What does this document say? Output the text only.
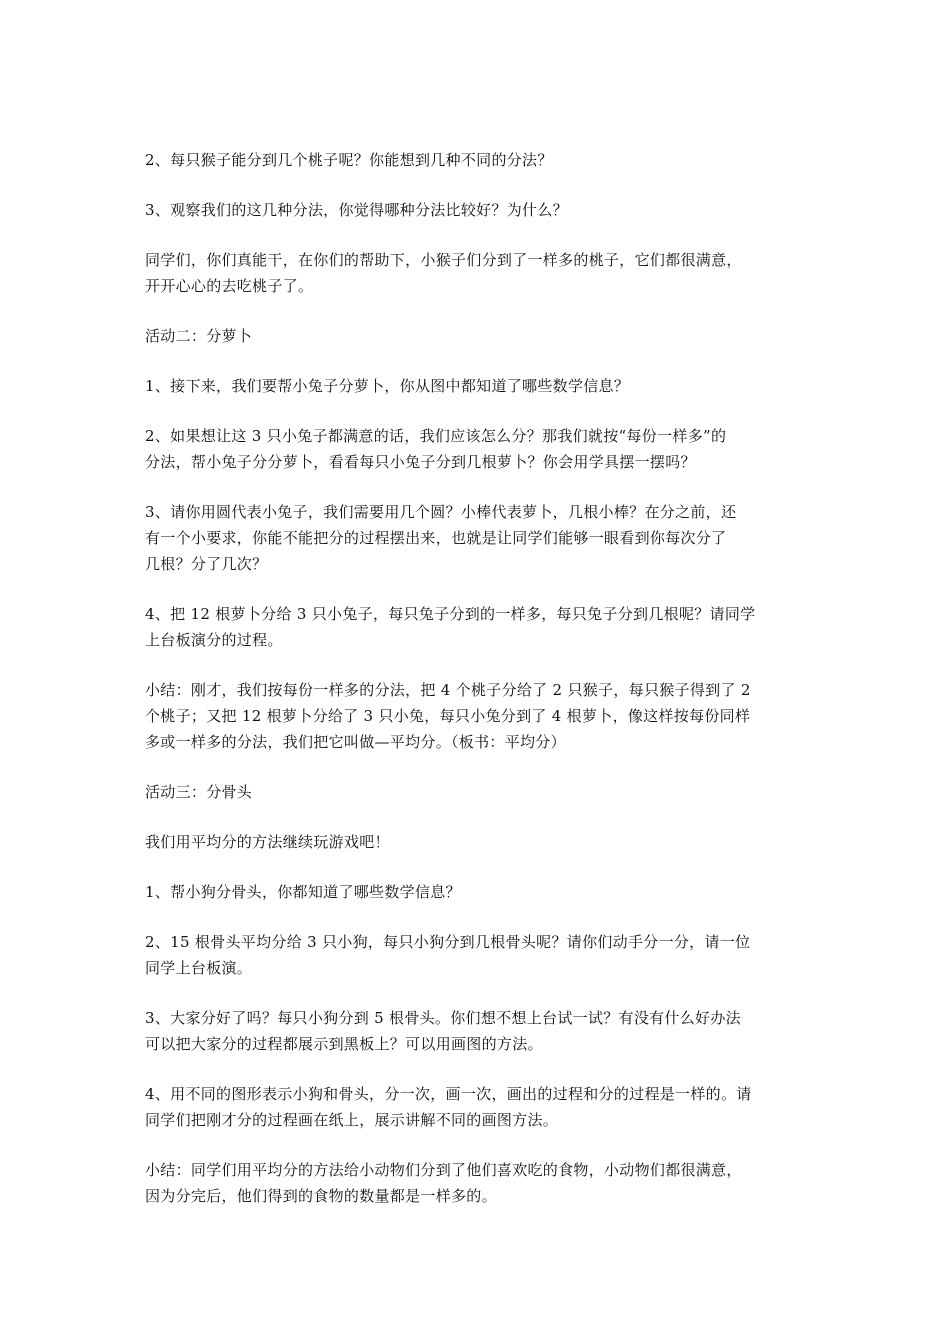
2、每只猴子能分到几个桃子呢？你能想到几种不同的分法？
3、观察我们的这几种分法，你觉得哪种分法比较好？为什么？
同学们，你们真能干，在你们的帮助下，小猴子们分到了一样多的桃子，它们都很满意，
开开心心的去吃桃子了。
活动二：分萝卜
1、接下来，我们要帮小兔子分萝卜，你从图中都知道了哪些数学信息？
2、如果想让这 3 只小兔子都满意的话，我们应该怎么分？那我们就按“每份一样多”的
分法，帮小兔子分分萝卜，看看每只小兔子分到几根萝卜？你会用学具摆一摆吗？
3、请你用圆代表小兔子，我们需要用几个圆？小棒代表萝卜，几根小棒？在分之前，还
有一个小要求，你能不能把分的过程摆出来，也就是让同学们能够一眼看到你每次分了
几根？分了几次？
4、把 12 根萝卜分给 3 只小兔子，每只兔子分到的一样多，每只兔子分到几根呢？请同学
上台板演分的过程。
小结：刚才，我们按每份一样多的分法，把 4 个桃子分给了 2 只猴子，每只猴子得到了 2
个桃子；又把 12 根萝卜分给了 3 只小兔，每只小兔分到了 4 根萝卜，像这样按每份同样
多或一样多的分法，我们把它叫做—平均分。（板书：平均分）
活动三：分骨头
我们用平均分的方法继续玩游戏吧！
1、帮小狗分骨头，你都知道了哪些数学信息？
2、15 根骨头平均分给 3 只小狗，每只小狗分到几根骨头呢？请你们动手分一分，请一位
同学上台板演。
3、大家分好了吗？每只小狗分到 5 根骨头。你们想不想上台试一试？有没有什么好办法
可以把大家分的过程都展示到黑板上？可以用画图的方法。
4、用不同的图形表示小狗和骨头，分一次，画一次，画出的过程和分的过程是一样的。请
同学们把刚才分的过程画在纸上，展示讲解不同的画图方法。
小结：同学们用平均分的方法给小动物们分到了他们喜欢吃的食物，小动物们都很满意，
因为分完后，他们得到的食物的数量都是一样多的。
